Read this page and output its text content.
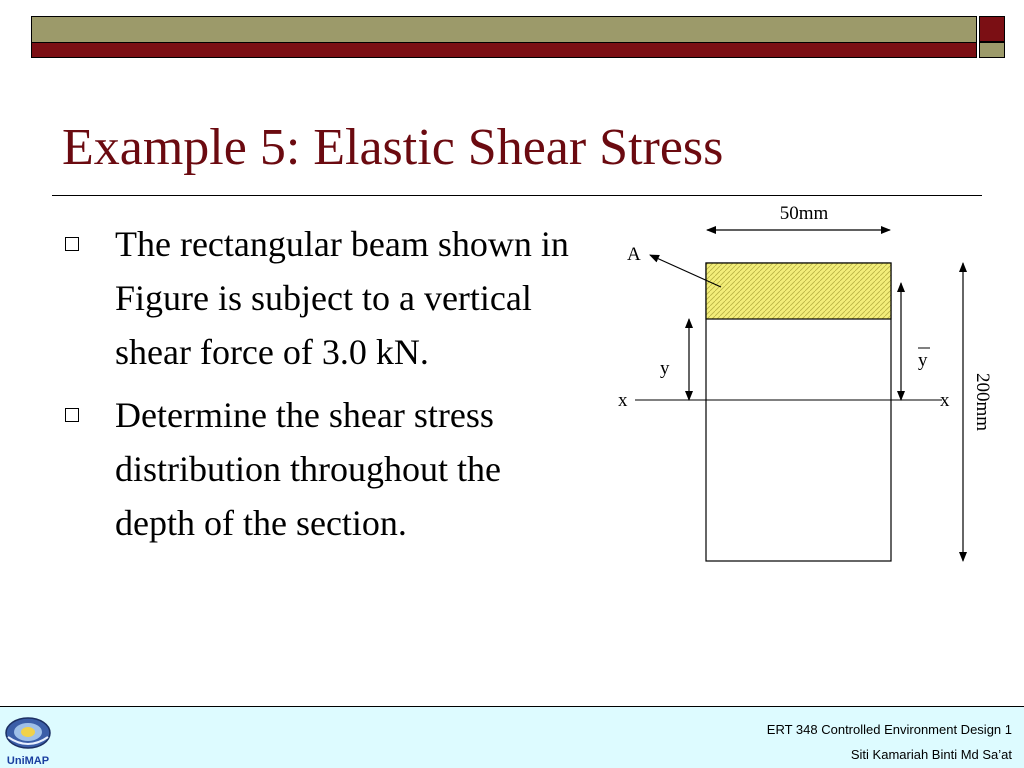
Example 5: Elastic Shear Stress
The rectangular beam shown in Figure is subject to a vertical shear force of 3.0 kN.
Determine the shear stress distribution throughout the depth of the section.
50mm
A
x	x
y	y
200mm
UniMAP
ERT 348 Controlled Environment Design 1
Siti Kamariah Binti Md Sa’at
